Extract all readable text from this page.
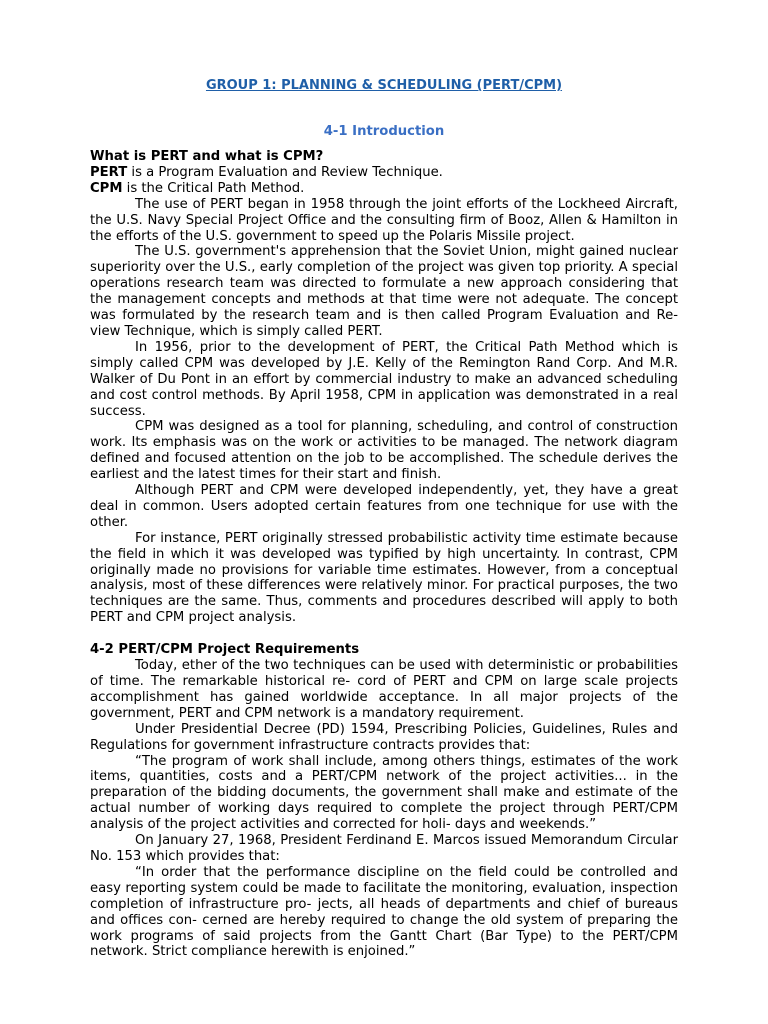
GROUP 1: PLANNING & SCHEDULING (PERT/CPM)
4-1 Introduction

What is PERT and what is CPM?

PERT is a Program Evaluation and Review Technique.

CPM is the Critical Path Method.

The use of PERT began in 1958 through the joint efforts of the Lockheed Aircraft, the U.S. Navy Special Project Office and the consulting firm of Booz, Allen & Hamilton in the efforts of the U.S. government to speed up the Polaris Missile project.

The U.S. government's apprehension that the Soviet Union, might gained nuclear superiority over the U.S., early completion of the project was given top priority. A special operations research team was directed to formulate a new approach considering that the management concepts and methods at that time were not adequate. The concept was formulated by the research team and is then called Program Evaluation and Re- view Technique, which is simply called PERT.

In 1956, prior to the development of PERT, the Critical Path Method which is simply called CPM was developed by J.E. Kelly of the Remington Rand Corp. And M.R. Walker of Du Pont in an effort by commercial industry to make an advanced scheduling and cost control methods. By April 1958, CPM in application was demonstrated in a real success.

CPM was designed as a tool for planning, scheduling, and control of construction work. Its emphasis was on the work or activities to be managed. The network diagram defined and focused attention on the job to be accomplished. The schedule derives the earliest and the latest times for their start and finish.

Although PERT and CPM were developed independently, yet, they have a great deal in common. Users adopted certain features from one technique for use with the other.

For instance, PERT originally stressed probabilistic activity time estimate because the field in which it was developed was typified by high uncertainty. In contrast, CPM originally made no provisions for variable time estimates. However, from a conceptual analysis, most of these differences were relatively minor. For practical purposes, the two techniques are the same. Thus, comments and procedures described will apply to both PERT and CPM project analysis.

4-2 PERT/CPM Project Requirements

Today, ether of the two techniques can be used with deterministic or probabilities of time. The remarkable historical re- cord of PERT and CPM on large scale projects accomplishment has gained worldwide acceptance. In all major projects of the government, PERT and CPM network is a mandatory requirement.

Under Presidential Decree (PD) 1594, Prescribing Policies, Guidelines, Rules and Regulations for government infrastructure contracts provides that:

“The program of work shall include, among others things, estimates of the work items, quantities, costs and a PERT/CPM network of the project activities... in the preparation of the bidding documents, the government shall make and estimate of the actual number of working days required to complete the project through PERT/CPM analysis of the project activities and corrected for holi- days and weekends.”

On January 27, 1968, President Ferdinand E. Marcos issued Memorandum Circular No. 153 which provides that:

“In order that the performance discipline on the field could be controlled and easy reporting system could be made to facilitate the monitoring, evaluation, inspection completion of infrastructure pro- jects, all heads of departments and chief of bureaus and offices con- cerned are hereby required to change the old system of preparing the work programs of said projects from the Gantt Chart (Bar Type) to the PERT/CPM network. Strict compliance herewith is enjoined.”
